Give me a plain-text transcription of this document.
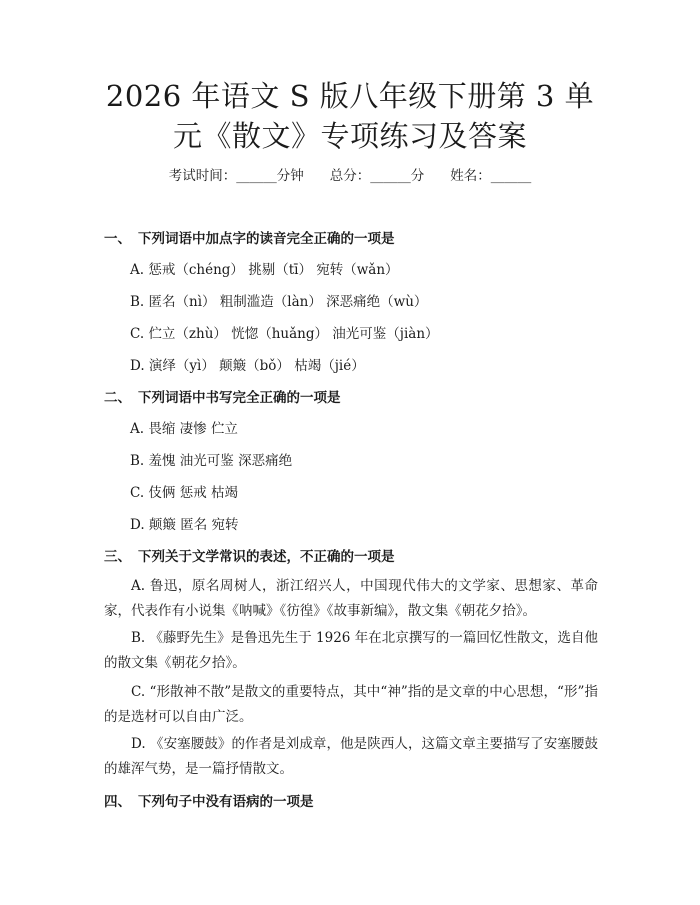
2026 年语文 S 版八年级下册第 3 单元《散文》专项练习及答案
考试时间：______分钟 总分：______分 姓名：______
一、 下列词语中加点字的读音完全正确的一项是
A. 惩戒（chéng） 挑剔（tī） 宛转（wǎn）
B. 匿名（nì） 粗制滥造（làn） 深恶痛绝（wù）
C. 伫立（zhù） 恍惚（huǎng） 油光可鉴（jiàn）
D. 演绎（yì） 颠簸（bǒ） 枯竭（jié）
二、 下列词语中书写完全正确的一项是
A. 畏缩 凄惨 伫立
B. 羞愧 油光可鉴 深恶痛绝
C. 伎俩 惩戒 枯竭
D. 颠簸 匿名 宛转
三、 下列关于文学常识的表述，不正确的一项是
A. 鲁迅，原名周树人，浙江绍兴人，中国现代伟大的文学家、思想家、革命家，代表作有小说集《呐喊》《彷徨》《故事新编》，散文集《朝花夕拾》。
B. 《藤野先生》是鲁迅先生于 1926 年在北京撰写的一篇回忆性散文，选自他的散文集《朝花夕拾》。
C. “形散神不散”是散文的重要特点，其中“神”指的是文章的中心思想，“形”指的是选材可以自由广泛。
D. 《安塞腰鼓》的作者是刘成章，他是陕西人，这篇文章主要描写了安塞腰鼓的雄浑气势，是一篇抒情散文。
四、 下列句子中没有语病的一项是
